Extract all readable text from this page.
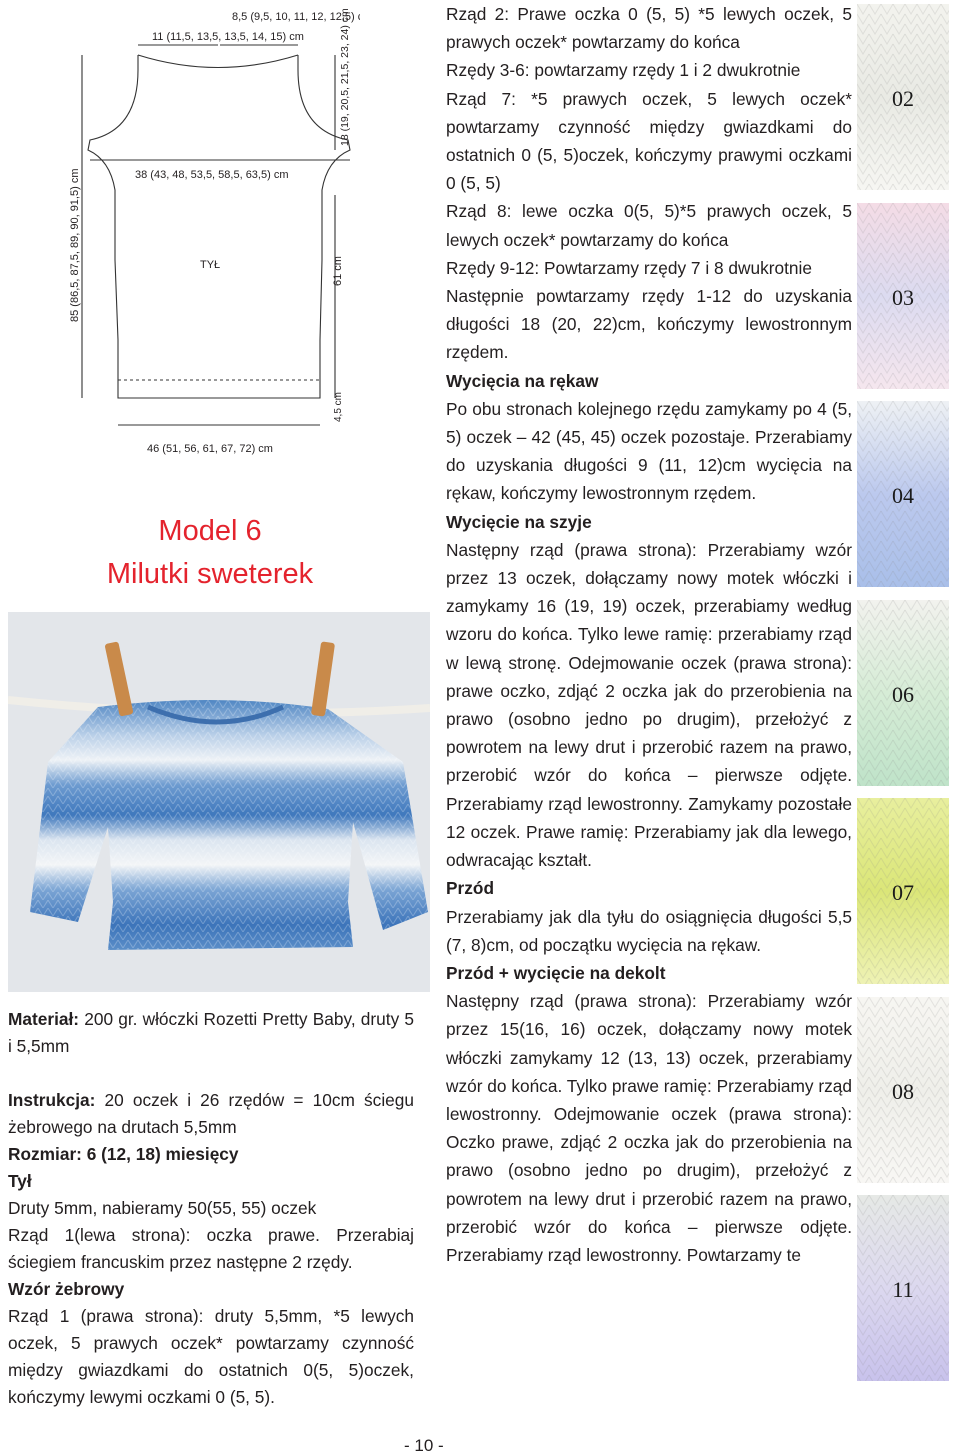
8,5 (9,5, 10, 11, 12, 12,5) cm
11 (11,5, 13,5, 13,5, 14, 15) cm
38 (43, 48, 53,5, 58,5, 63,5) cm
18 (19, 20,5, 21,5, 23, 24) cm
85 (86,5, 87,5, 89, 90, 91,5) cm	61 cm
4,5 cm
TYŁ
46 (51, 56, 61, 67, 72) cm
Model 6
Milutki sweterek

Materiał: 200 gr. włóczki Rozetti Pretty Baby, druty 5 i 5,5mm

Instrukcja: 20 oczek i 26 rzędów = 10cm ściegu żebrowego na drutach 5,5mm

Rozmiar: 6 (12, 18) miesięcy

Tył

Druty 5mm, nabieramy 50(55, 55) oczek

Rząd 1(lewa strona): oczka prawe. Przerabiaj ściegiem francuskim przez następne 2 rzędy.

Wzór żebrowy

Rząd 1 (prawa strona): druty 5,5mm, *5 lewych oczek, 5 prawych oczek* powtarzamy czynność między gwiazdkami do ostatnich 0(5, 5)oczek, kończymy lewymi oczkami 0 (5, 5).

Rząd 2: Prawe oczka 0 (5, 5) *5 lewych oczek, 5 prawych oczek* powtarzamy do końca

Rzędy 3-6: powtarzamy rzędy 1 i 2 dwukrotnie

Rząd 7: *5 prawych oczek, 5 lewych oczek* powtarzamy czynność między gwiazdkami do ostatnich 0 (5, 5)oczek, kończymy prawymi oczkami 0 (5, 5)

Rząd 8: lewe oczka 0(5, 5)*5 prawych oczek, 5 lewych oczek* powtarzamy do końca

Rzędy 9-12: Powtarzamy rzędy 7 i 8 dwukrotnie

Następnie powtarzamy rzędy 1-12 do uzyskania długości 18 (20, 22)cm, kończymy lewostronnym rzędem.

Wycięcia na rękaw

Po obu stronach kolejnego rzędu zamykamy po 4 (5, 5) oczek – 42 (45, 45) oczek pozostaje. Przerabiamy do uzyskania długości 9 (11, 12)cm wycięcia na rękaw, kończymy lewostronnym rzędem.

Wycięcie na szyje

Następny rząd (prawa strona): Przerabiamy wzór przez 13 oczek, dołączamy nowy motek włóczki i zamykamy 16 (19, 19) oczek, przerabiamy według wzoru do końca. Tylko lewe ramię: przerabiamy rząd w lewą stronę. Odejmowanie oczek (prawa strona): prawe oczko, zdjąć 2 oczka jak do przerobienia na prawo (osobno jedno po drugim), przełożyć z powrotem na lewy drut i przerobić razem na prawo, przerobić wzór do końca – pierwsze odjęte. Przerabiamy rząd lewostronny. Zamykamy pozostałe 12 oczek. Prawe ramię: Przerabiamy jak dla lewego, odwracając kształt.

Przód

Przerabiamy jak dla tyłu do osiągnięcia długości 5,5 (7, 8)cm, od początku wycięcia na rękaw.

Przód + wycięcie na dekolt

Następny rząd (prawa strona): Przerabiamy wzór przez 15(16, 16) oczek, dołączamy nowy motek włóczki zamykamy 12 (13, 13) oczek, przerabiamy wzór do końca. Tylko prawe ramię: Przerabiamy rząd lewostronny. Odejmowanie oczek (prawa strona): Oczko prawe, zdjąć 2 oczka jak do przerobienia na prawo (osobno jedno po drugim), przełożyć z powrotem na lewy drut i przerobić razem na prawo, przerobić wzór do końca – pierwsze odjęte. Przerabiamy rząd lewostronny. Powtarzamy te

02
03
04
06
07
08
11
- 10 -
